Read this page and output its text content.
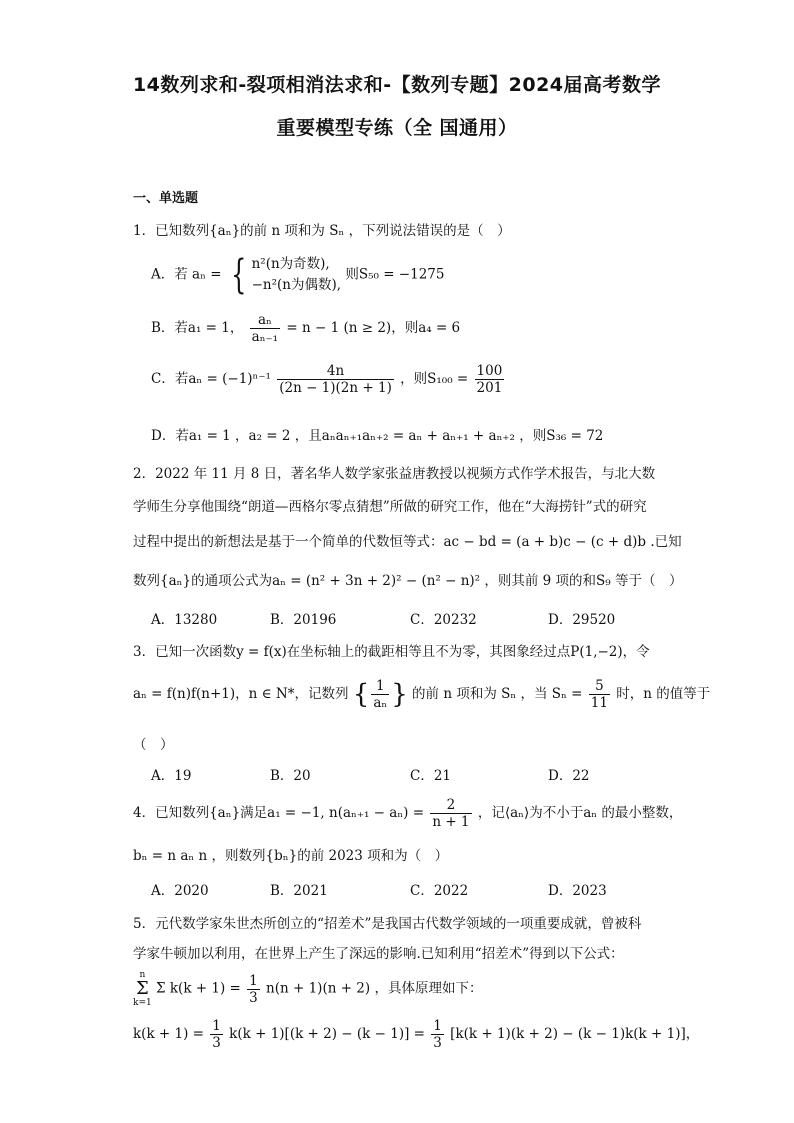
14数列求和-裂项相消法求和-【数列专题】2024届高考数学
重要模型专练（全 国通用）
一、单选题
1．已知数列{aₙ}的前 n 项和为 Sₙ ，下列说法错误的是（　）
A．若 aₙ = { n²(n为奇数),
−n²(n为偶数),
则S₅₀ = −1275
B．若a₁ = 1， $\frac{\text{aₙ}}{\text{aₙ₋₁}} = n - 1$ (n ≥ 2)，则a₄ = 6
C．若$a_n = (-1)^{n-1} \frac{4n}{(2n - 1)(2n + 1)}$ ，则$S_{100} = \frac{100}{201}$
D．若a₁ = 1 ，a₂ = 2 ，且aₙaₙ₊₁aₙ₊₂ = aₙ + aₙ₊₁ + aₙ₊₂ ，则S₃₆ = 72
2．2022 年 11 月 8 日，著名华人数学家张益唐教授以视频方式作学术报告，与北大数
学师生分享他围绕“朗道—西格尔零点猜想”所做的研究工作，他在“大海捞针”式的研究
过程中提出的新想法是基于一个简单的代数恒等式：ac − bd = (a + b)c − (c + d)b .已知
数列{aₙ}的通项公式为aₙ = (n² + 3n + 2)² − (n² − n)² ，则其前 9 项的和S₉ 等于（　）
A．13280	B．20196	C．20232	D．29520
3．已知一次函数y = f(x)在坐标轴上的截距相等且不为零，其图象经过点P(1,−2)，令
aₙ = f(n)f(n+1)，n ∈ N*，记数列 { $\frac{1}{\text{aₙ}}$ } 的前 n 项和为 Sₙ ，当 $S_n = \frac{5}{11}$ 时，n 的值等于
（　）
A．19	B．20	C．21	D．22
4．已知数列{aₙ}满足a₁ = −1, $n(a_{n+1} - a_n) = \frac{2}{n + 1}$ ，记⟨aₙ⟩为不小于aₙ 的最小整数，
bₙ = n aₙ n ，则数列{bₙ}的前 2023 项和为（　）
A．2020	B．2021	C．2022	D．2023
5．元代数学家朱世杰所创立的“招差术”是我国古代数学领域的一项重要成就，曾被科
学家牛顿加以利用，在世界上产生了深远的影响.已知利用“招差术”得到以下公式：
n
Σ
k=1
Σ $k(k + 1) = \frac{1}{3} n(n + 1)(n + 2)$ ，具体原理如下：
$k(k + 1) = \frac{1}{3} k(k + 1)[(k + 2) - (k - 1)] = \frac{1}{3} [k(k + 1)(k + 2) - (k - 1)k(k + 1)]$，
